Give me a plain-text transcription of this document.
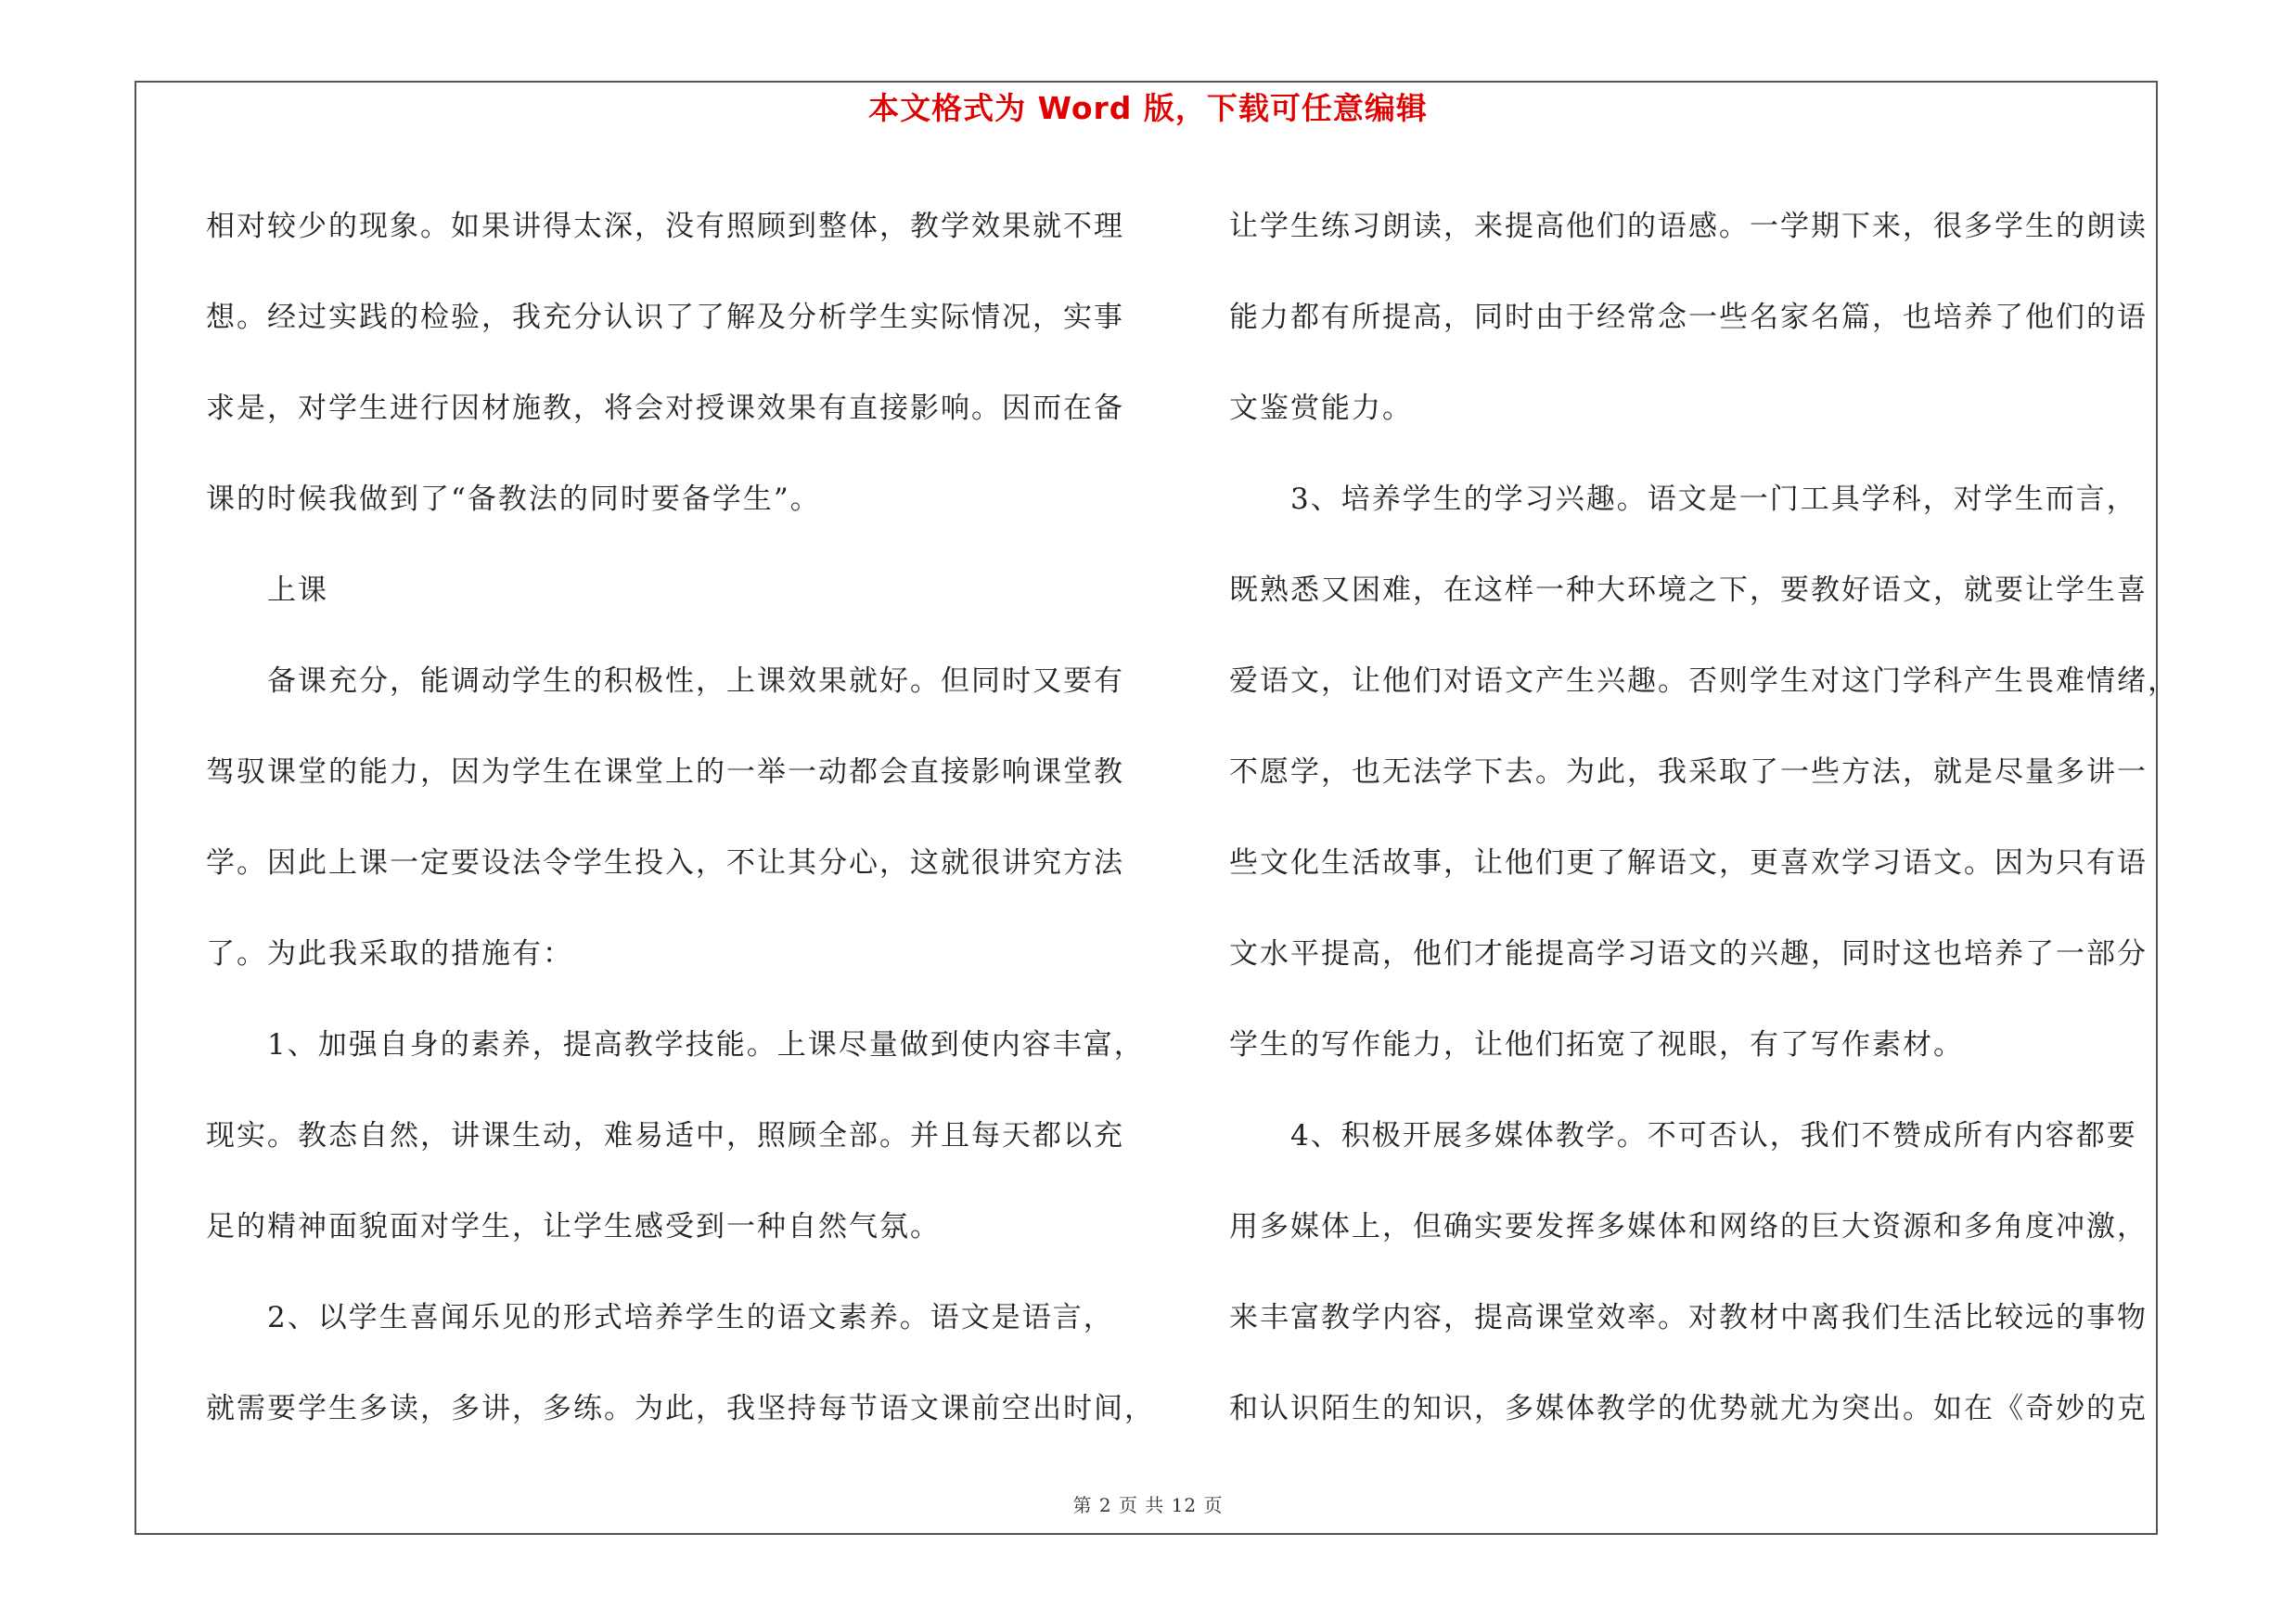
本文格式为 Word 版，下载可任意编辑
相对较少的现象。如果讲得太深，没有照顾到整体，教学效果就不理
想。经过实践的检验，我充分认识了了解及分析学生实际情况，实事
求是，对学生进行因材施教，将会对授课效果有直接影响。因而在备
课的时候我做到了“备教法的同时要备学生”。
　　上课
　　备课充分，能调动学生的积极性，上课效果就好。但同时又要有
驾驭课堂的能力，因为学生在课堂上的一举一动都会直接影响课堂教
学。因此上课一定要设法令学生投入，不让其分心，这就很讲究方法
了。为此我采取的措施有：
　　1、加强自身的素养，提高教学技能。上课尽量做到使内容丰富，
现实。教态自然，讲课生动，难易适中，照顾全部。并且每天都以充
足的精神面貌面对学生，让学生感受到一种自然气氛。
　　2、以学生喜闻乐见的形式培养学生的语文素养。语文是语言，
就需要学生多读，多讲，多练。为此，我坚持每节语文课前空出时间，
让学生练习朗读，来提高他们的语感。一学期下来，很多学生的朗读
能力都有所提高，同时由于经常念一些名家名篇，也培养了他们的语
文鉴赏能力。
　　3、培养学生的学习兴趣。语文是一门工具学科，对学生而言，
既熟悉又困难，在这样一种大环境之下，要教好语文，就要让学生喜
爱语文，让他们对语文产生兴趣。否则学生对这门学科产生畏难情绪，
不愿学，也无法学下去。为此，我采取了一些方法，就是尽量多讲一
些文化生活故事，让他们更了解语文，更喜欢学习语文。因为只有语
文水平提高，他们才能提高学习语文的兴趣，同时这也培养了一部分
学生的写作能力，让他们拓宽了视眼，有了写作素材。
　　4、积极开展多媒体教学。不可否认，我们不赞成所有内容都要
用多媒体上，但确实要发挥多媒体和网络的巨大资源和多角度冲激，
来丰富教学内容，提高课堂效率。对教材中离我们生活比较远的事物
和认识陌生的知识，多媒体教学的优势就尤为突出。如在《奇妙的克
第 2 页 共 12 页
